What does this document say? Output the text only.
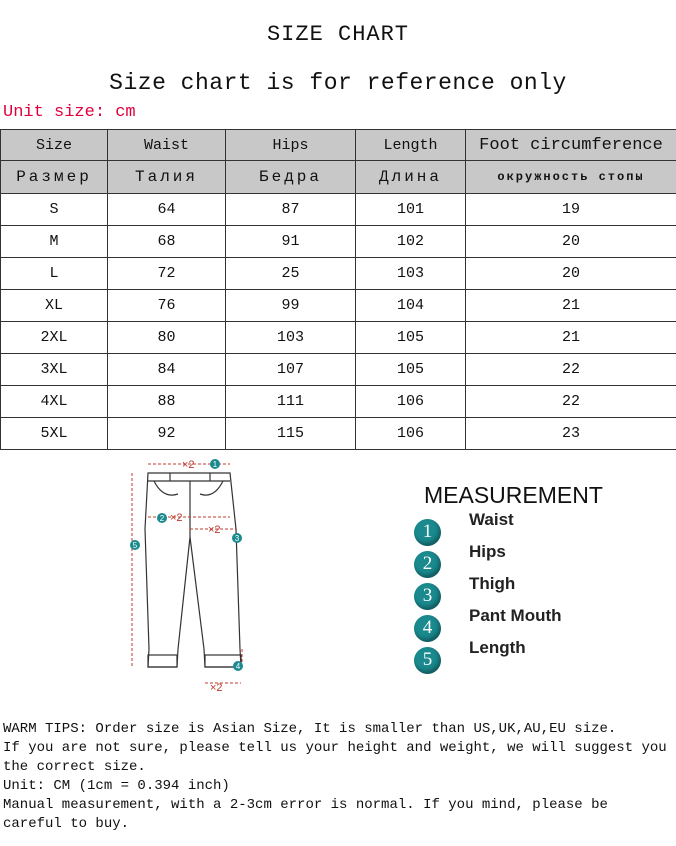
SIZE CHART
Size chart is for reference only
Unit size: cm
Size	Waist	Hips	Length	Foot circumference
Размер	Талия	Бедра	Длина	окружность стопы
S	64	87	101	19
M	68	91	102	20
L	72	25	103	20
XL	76	99	104	21
2XL	80	103	105	21
3XL	84	107	105	22
4XL	88	111	106	22
5XL	92	115	106	23
×2
×2
×2
×2
1
2
3
4
5
MEASUREMENT
1
Waist
2
Hips
3
Thigh
4
Pant Mouth
5
Length

WARM TIPS: Order size is Asian Size, It is smaller than US,UK,AU,EU size.

If you are not sure, please tell us your height and weight, we will suggest you the correct size.

Unit: CM (1cm = 0.394 inch)

Manual measurement, with a 2-3cm error is normal. If you mind, please be careful to buy.
